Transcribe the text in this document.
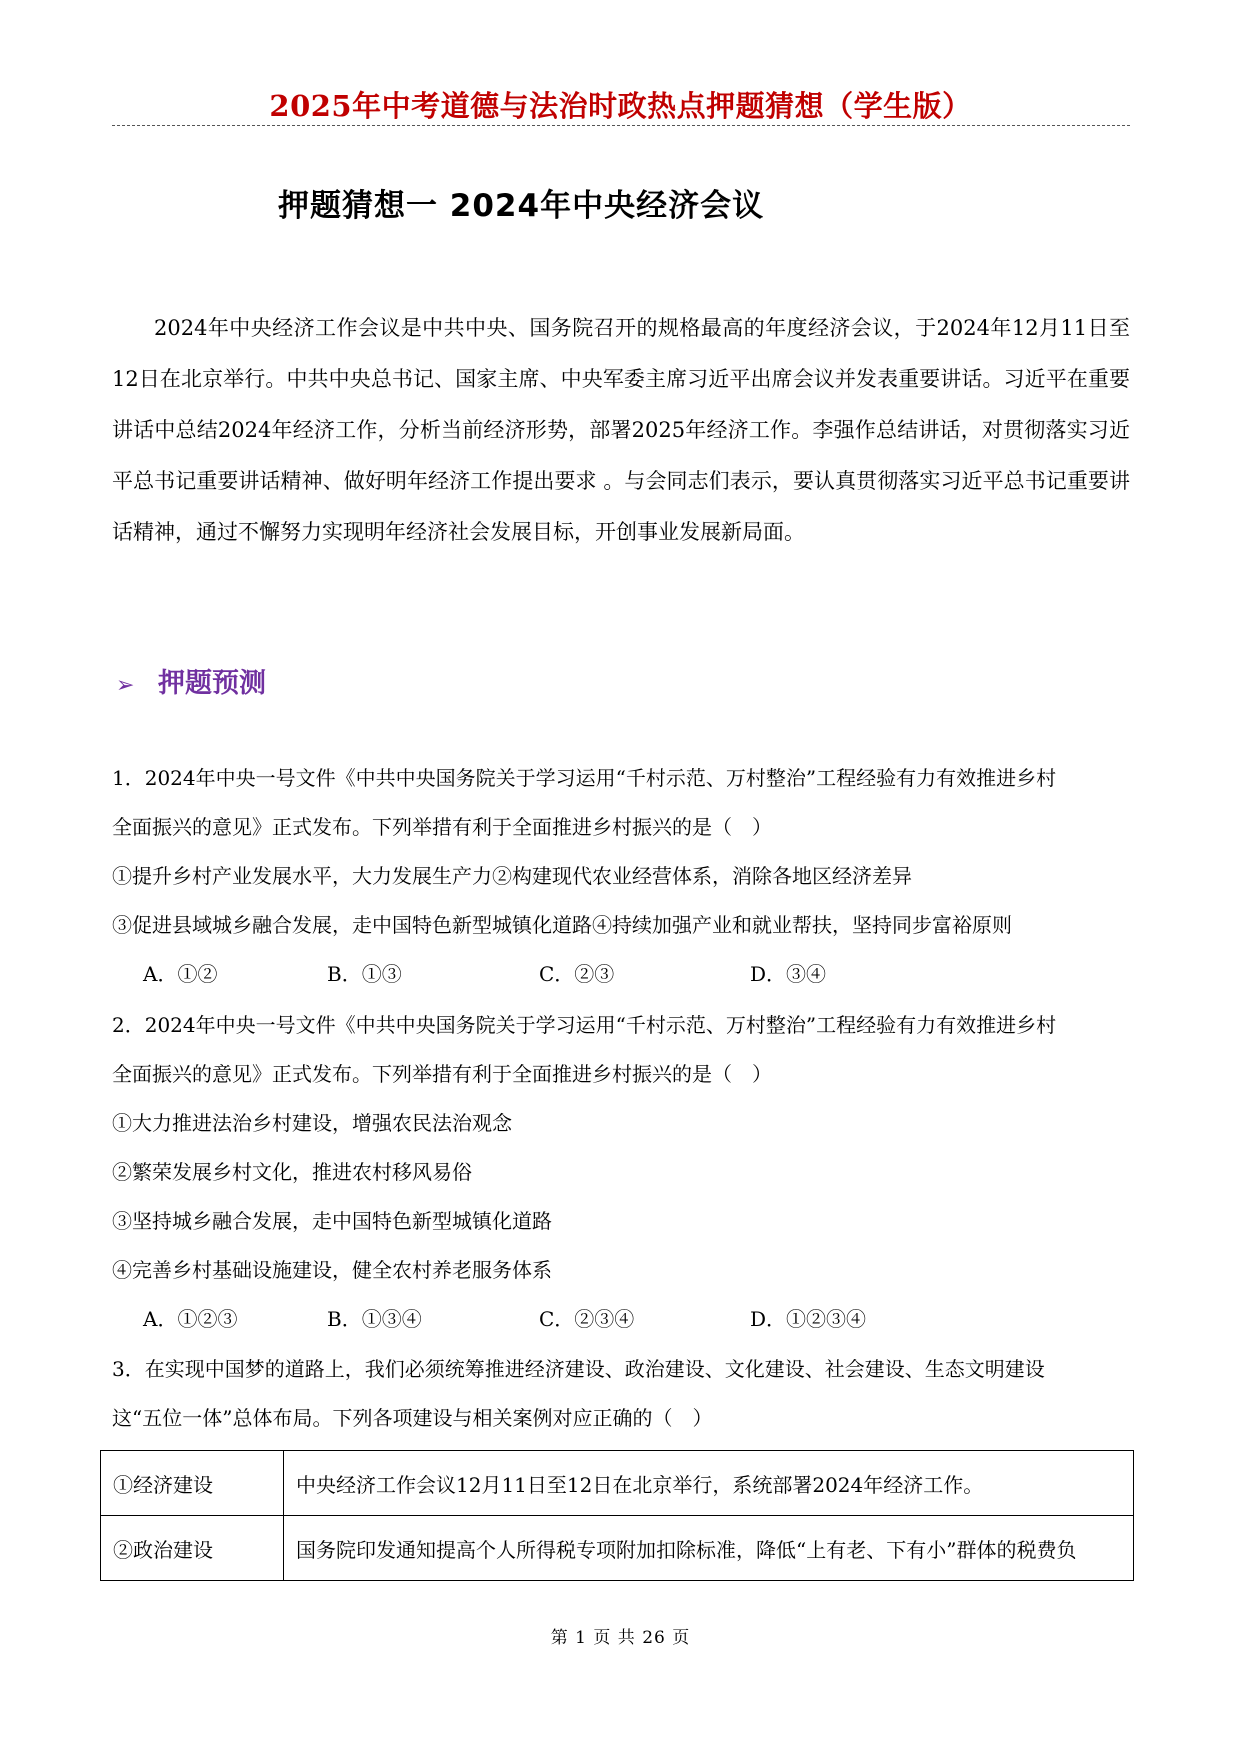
2025年中考道德与法治时政热点押题猜想（学生版）
押题猜想一 2024年中央经济会议

2024年中央经济工作会议是中共中央、国务院召开的规格最高的年度经济会议，于2024年12月11日至12日在北京举行。中共中央总书记、国家主席、中央军委主席习近平出席会议并发表重要讲话。习近平在重要讲话中总结2024年经济工作，分析当前经济形势，部署2025年经济工作。李强作总结讲话，对贯彻落实习近平总书记重要讲话精神、做好明年经济工作提出要求 。与会同志们表示，要认真贯彻落实习近平总书记重要讲话精神，通过不懈努力实现明年经济社会发展目标，开创事业发展新局面。

➢ 押题预测
1．2024年中央一号文件《中共中央国务院关于学习运用“千村示范、万村整治”工程经验有力有效推进乡村
全面振兴的意见》正式发布。下列举措有利于全面推进乡村振兴的是（　）
①提升乡村产业发展水平，大力发展生产力②构建现代农业经营体系，消除各地区经济差异
③促进县域城乡融合发展，走中国特色新型城镇化道路④持续加强产业和就业帮扶，坚持同步富裕原则
A．①②	B．①③	C．②③	D．③④
2．2024年中央一号文件《中共中央国务院关于学习运用“千村示范、万村整治”工程经验有力有效推进乡村
全面振兴的意见》正式发布。下列举措有利于全面推进乡村振兴的是（　）
①大力推进法治乡村建设，增强农民法治观念
②繁荣发展乡村文化，推进农村移风易俗
③坚持城乡融合发展，走中国特色新型城镇化道路
④完善乡村基础设施建设，健全农村养老服务体系
A．①②③	B．①③④	C．②③④	D．①②③④
3．在实现中国梦的道路上，我们必须统筹推进经济建设、政治建设、文化建设、社会建设、生态文明建设
这“五位一体”总体布局。下列各项建设与相关案例对应正确的（　）
①经济建设	中央经济工作会议12月11日至12日在北京举行，系统部署2024年经济工作。
②政治建设	国务院印发通知提高个人所得税专项附加扣除标准，降低“上有老、下有小”群体的税费负
第 1 页 共 26 页
